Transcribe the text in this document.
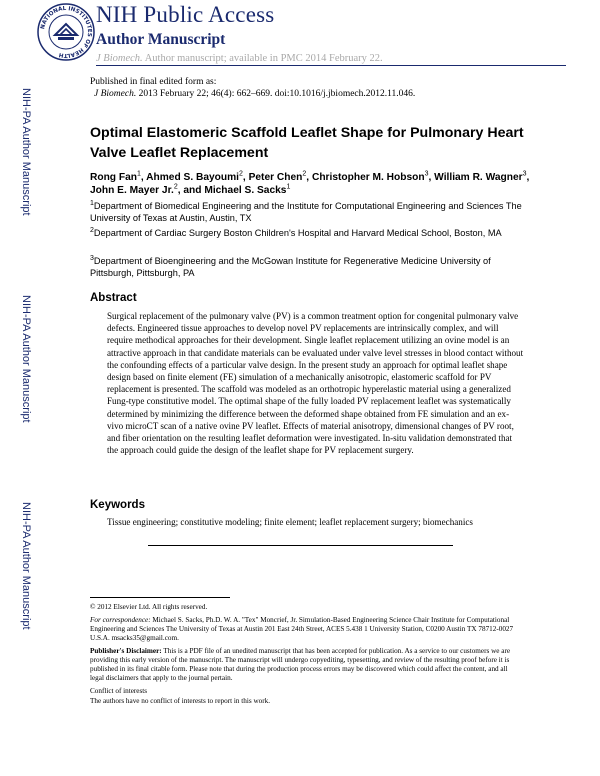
NATIONAL INSTITUTES OF HEALTH
NIH Public Access
Author Manuscript
J Biomech. Author manuscript; available in PMC 2014 February 22.
Published in final edited form as:
J Biomech. 2013 February 22; 46(4): 662–669. doi:10.1016/j.jbiomech.2012.11.046.
NIH-PA Author Manuscript
NIH-PA Author Manuscript
NIH-PA Author Manuscript
Optimal Elastomeric Scaffold Leaflet Shape for Pulmonary Heart Valve Leaflet Replacement
Rong Fan$^1$, Ahmed S. Bayoumi$^2$, Peter Chen$^2$, Christopher M. Hobson$^3$, William R. Wagner$^3$, John E. Mayer Jr.$^2$, and Michael S. Sacks$^1$
$^1$Department of Biomedical Engineering and the Institute for Computational Engineering and Sciences The University of Texas at Austin, Austin, TX
$^2$Department of Cardiac Surgery Boston Children's Hospital and Harvard Medical School, Boston, MA
$^3$Department of Bioengineering and the McGowan Institute for Regenerative Medicine University of Pittsburgh, Pittsburgh, PA
Abstract
Surgical replacement of the pulmonary valve (PV) is a common treatment option for congenital pulmonary valve defects. Engineered tissue approaches to develop novel PV replacements are intrinsically complex, and will require methodical approaches for their development. Single leaflet replacement utilizing an ovine model is an attractive approach in that candidate materials can be evaluated under valve level stresses in blood contact without the confounding effects of a particular valve design. In the present study an approach for optimal leaflet shape design based on finite element (FE) simulation of a mechanically anisotropic, elastomeric scaffold for PV replacement is presented. The scaffold was modeled as an orthotropic hyperelastic material using a generalized Fung-type constitutive model. The optimal shape of the fully loaded PV replacement leaflet was systematically determined by minimizing the difference between the deformed shape obtained from FE simulation and an ex-vivo microCT scan of a native ovine PV leaflet. Effects of material anisotropy, dimensional changes of PV root, and fiber orientation on the resulting leaflet deformation were investigated. In-situ validation demonstrated that the approach could guide the design of the leaflet shape for PV replacement surgery.
Keywords
Tissue engineering; constitutive modeling; finite element; leaflet replacement surgery; biomechanics

© 2012 Elsevier Ltd. All rights reserved.

For correspondence: Michael S. Sacks, Ph.D. W. A. "Tex" Moncrief, Jr. Simulation-Based Engineering Science Chair Institute for Computational Engineering and Sciences The University of Texas at Austin 201 East 24th Street, ACES 5.438 1 University Station, C0200 Austin TX 78712-0027 U.S.A. msacks35@gmail.com.

Publisher's Disclaimer: This is a PDF file of an unedited manuscript that has been accepted for publication. As a service to our customers we are providing this early version of the manuscript. The manuscript will undergo copyediting, typesetting, and review of the resulting proof before it is published in its final citable form. Please note that during the production process errors may be discovered which could affect the content, and all legal disclaimers that apply to the journal pertain.

Conflict of interests

The authors have no conflict of interests to report in this work.
